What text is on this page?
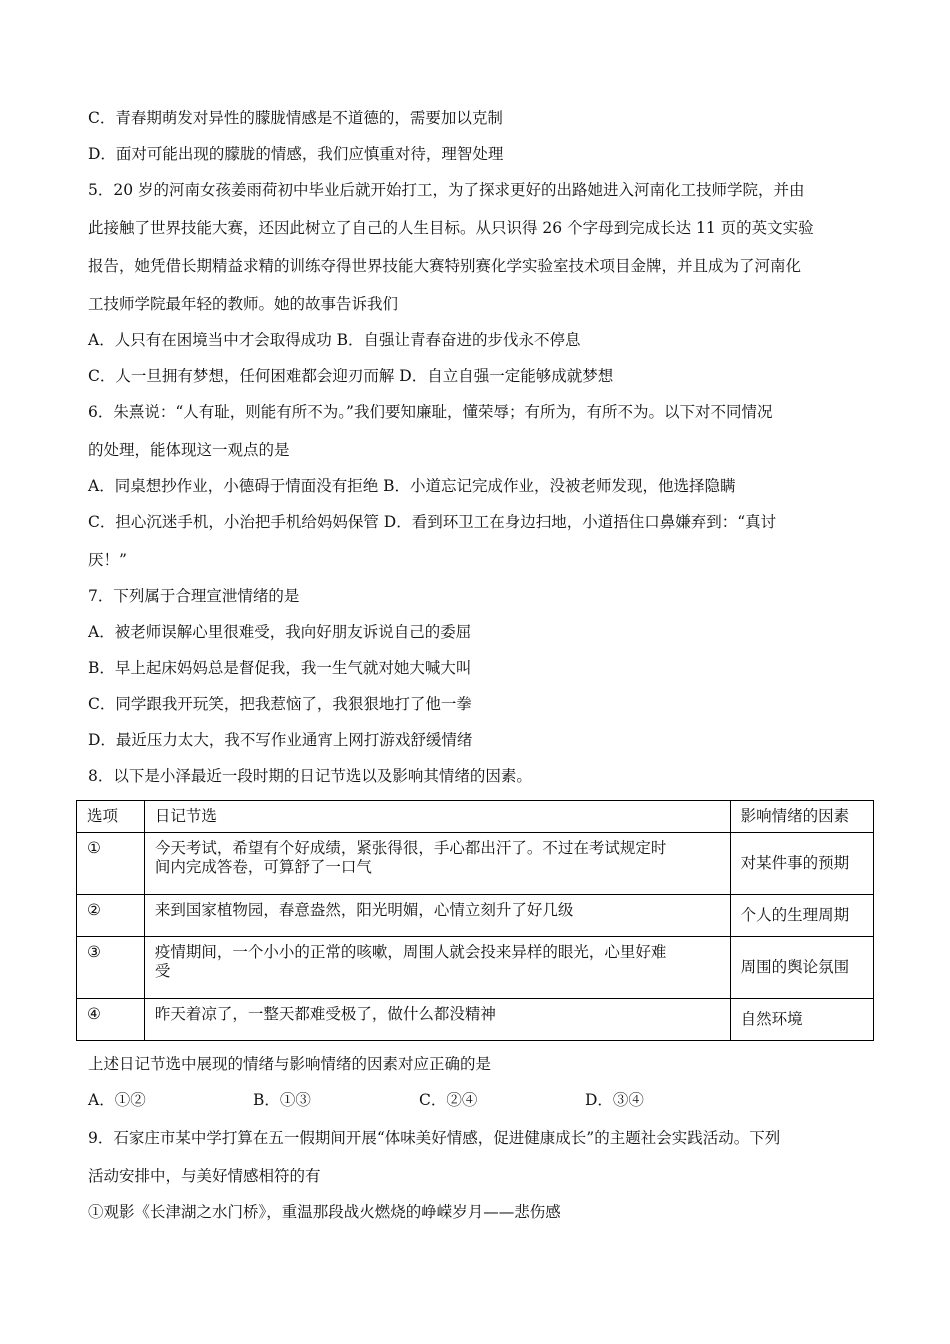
C．青春期萌发对异性的朦胧情感是不道德的，需要加以克制
D．面对可能出现的朦胧的情感，我们应慎重对待，理智处理
5．20 岁的河南女孩姜雨荷初中毕业后就开始打工，为了探求更好的出路她进入河南化工技师学院，并由
此接触了世界技能大赛，还因此树立了自己的人生目标。从只识得 26 个字母到完成长达 11 页的英文实验
报告，她凭借长期精益求精的训练夺得世界技能大赛特别赛化学实验室技术项目金牌，并且成为了河南化
工技师学院最年轻的教师。她的故事告诉我们
A．人只有在困境当中才会取得成功 B．自强让青春奋进的步伐永不停息
C．人一旦拥有梦想，任何困难都会迎刃而解 D．自立自强一定能够成就梦想
6．朱熹说：“人有耻，则能有所不为。”我们要知廉耻，懂荣辱；有所为，有所不为。以下对不同情况
的处理，能体现这一观点的是
A．同桌想抄作业，小德碍于情面没有拒绝 B．小道忘记完成作业，没被老师发现，他选择隐瞒
C．担心沉迷手机，小治把手机给妈妈保管 D．看到环卫工在身边扫地，小道捂住口鼻嫌弃到：“真讨
厌！”
7．下列属于合理宣泄情绪的是
A．被老师误解心里很难受，我向好朋友诉说自己的委屈
B．早上起床妈妈总是督促我，我一生气就对她大喊大叫
C．同学跟我开玩笑，把我惹恼了，我狠狠地打了他一拳
D．最近压力太大，我不写作业通宵上网打游戏舒缓情绪
8．以下是小泽最近一段时期的日记节选以及影响其情绪的因素。
选项	日记节选	影响情绪的因素
①	今天考试，希望有个好成绩，紧张得很，手心都出汗了。不过在考试规定时
间内完成答卷，可算舒了一口气	对某件事的预期
②	来到国家植物园，春意盎然，阳光明媚，心情立刻升了好几级	个人的生理周期
③	疫情期间，一个小小的正常的咳嗽，周围人就会投来异样的眼光，心里好难
受	周围的舆论氛围
④	昨天着凉了，一整天都难受极了，做什么都没精神	自然环境
上述日记节选中展现的情绪与影响情绪的因素对应正确的是
A．①②	B．①③	C．②④	D．③④
9．石家庄市某中学打算在五一假期间开展“体味美好情感，促进健康成长”的主题社会实践活动。下列
活动安排中，与美好情感相符的有
①观影《长津湖之水门桥》，重温那段战火燃烧的峥嵘岁月——悲伤感
